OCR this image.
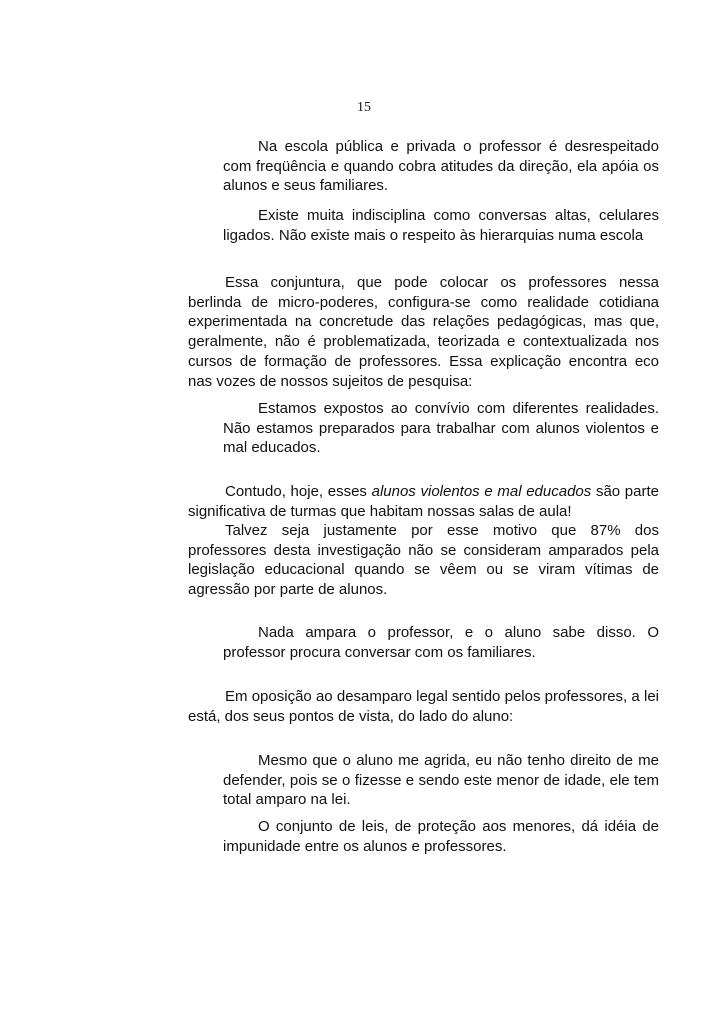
15

Na escola pública e privada o professor é desrespeitado com freqüência e quando cobra atitudes da direção, ela apóia os alunos e seus familiares.

Existe muita indisciplina como conversas altas, celulares ligados. Não existe mais o respeito às hierarquias numa escola

Essa conjuntura, que pode colocar os professores nessa berlinda de micro-poderes, configura-se como realidade cotidiana experimentada na concretude das relações pedagógicas, mas que, geralmente, não é problematizada, teorizada e contextualizada nos cursos de formação de professores. Essa explicação encontra eco nas vozes de nossos sujeitos de pesquisa:

Estamos expostos ao convívio com diferentes realidades. Não estamos preparados para trabalhar com alunos violentos e mal educados.

Contudo, hoje, esses alunos violentos e mal educados são parte significativa de turmas que habitam nossas salas de aula!

Talvez seja justamente por esse motivo que 87% dos professores desta investigação não se consideram amparados pela legislação educacional quando se vêem ou se viram vítimas de agressão por parte de alunos.

Nada ampara o professor, e o aluno sabe disso. O professor procura conversar com os familiares.

Em oposição ao desamparo legal sentido pelos professores, a lei está, dos seus pontos de vista, do lado do aluno:

Mesmo que o aluno me agrida, eu não tenho direito de me defender, pois se o fizesse e sendo este menor de idade, ele tem total amparo na lei.

O conjunto de leis, de proteção aos menores, dá idéia de impunidade entre os alunos e professores.
